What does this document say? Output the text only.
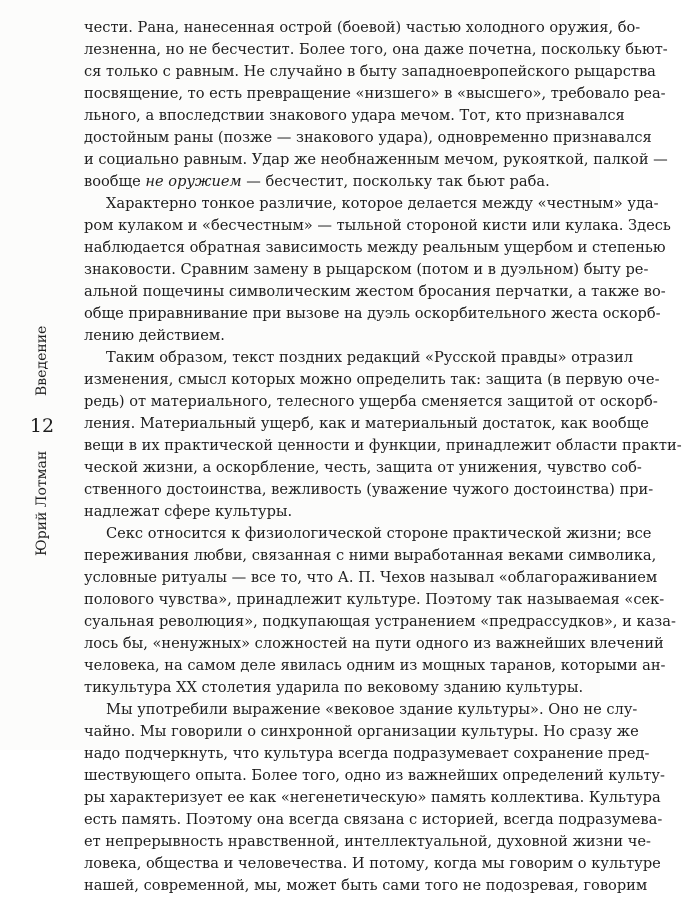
Юрий Лотман
12
Введение
чести. Рана, нанесенная острой (боевой) частью холодного оружия, бо-
лезненна, но не бесчестит. Более того, она даже почетна, поскольку бьют-
ся только с равным. Не случайно в быту западноевропейского рыцарства
посвящение, то есть превращение «низшего» в «высшего», требовало реа-
льного, а впоследствии знакового удара мечом. Тот, кто признавался
достойным раны (позже — знакового удара), одновременно признавался
и социально равным. Удар же необнаженным мечом, рукояткой, палкой —
вообще не оружием — бесчестит, поскольку так бьют раба.
Характерно тонкое различие, которое делается между «честным» уда-
ром кулаком и «бесчестным» — тыльной стороной кисти или кулака. Здесь
наблюдается обратная зависимость между реальным ущербом и степенью
знаковости. Сравним замену в рыцарском (потом и в дуэльном) быту ре-
альной пощечины символическим жестом бросания перчатки, а также во-
обще приравнивание при вызове на дуэль оскорбительного жеста оскорб-
лению действием.
Таким образом, текст поздних редакций «Русской правды» отразил
изменения, смысл которых можно определить так: защита (в первую оче-
редь) от материального, телесного ущерба сменяется защитой от оскорб-
ления. Материальный ущерб, как и материальный достаток, как вообще
вещи в их практической ценности и функции, принадлежит области практи-
ческой жизни, а оскорбление, честь, защита от унижения, чувство соб-
ственного достоинства, вежливость (уважение чужого достоинства) при-
надлежат сфере культуры.
Секс относится к физиологической стороне практической жизни; все
переживания любви, связанная с ними выработанная веками символика,
условные ритуалы — все то, что А. П. Чехов называл «облагораживанием
полового чувства», принадлежит культуре. Поэтому так называемая «сек-
суальная революция», подкупающая устранением «предрассудков», и каза-
лось бы, «ненужных» сложностей на пути одного из важнейших влечений
человека, на самом деле явилась одним из мощных таранов, которыми ан-
тикультура XX столетия ударила по вековому зданию культуры.
Мы употребили выражение «вековое здание культуры». Оно не слу-
чайно. Мы говорили о синхронной организации культуры. Но сразу же
надо подчеркнуть, что культура всегда подразумевает сохранение пред-
шествующего опыта. Более того, одно из важнейших определений культу-
ры характеризует ее как «негенетическую» память коллектива. Культура
есть память. Поэтому она всегда связана с историей, всегда подразумева-
ет непрерывность нравственной, интеллектуальной, духовной жизни че-
ловека, общества и человечества. И потому, когда мы говорим о культуре
нашей, современной, мы, может быть сами того не подозревая, говорим
